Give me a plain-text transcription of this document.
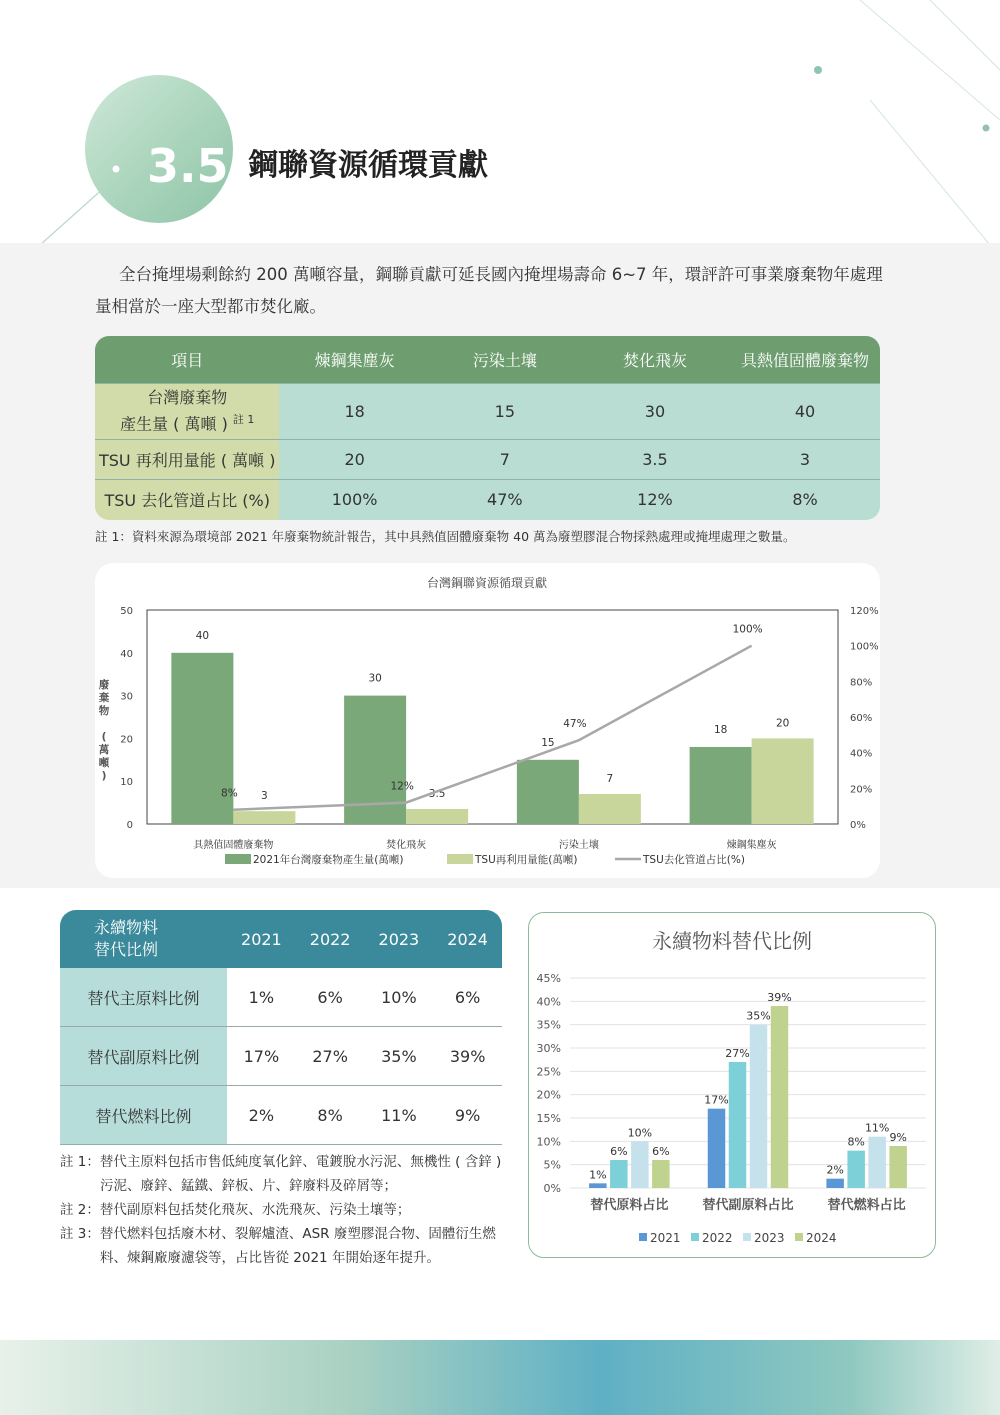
3.5 鋼聯資源循環貢獻
全台掩埋場剩餘約 200 萬噸容量，鋼聯貢獻可延長國內掩埋場壽命 6~7 年，環評許可事業廢棄物年處理量相當於一座大型都市焚化廠。
項目	煉鋼集塵灰	污染土壤	焚化飛灰	具熱值固體廢棄物
台灣廢棄物
產生量 ( 萬噸 ) $^{註 1}$	18	15	30	40
TSU 再利用量能 ( 萬噸 )	20	7	3.5	3
TSU 去化管道占比 (%)	100%	47%	12%	8%
註 1：資料來源為環境部 2021 年廢棄物統計報告，其中具熱值固體廢棄物 40 萬為廢塑膠混合物採熱處理或掩埋處理之數量。
台灣鋼聯資源循環貢獻
0
10
20
30
40
50
0%
20%
40%
60%
80%
100%
120%
廢
棄
物
(
萬
噸
)
40
3
具熱值固體廢棄物
30
3.5
焚化飛灰
15
7
污染土壤
18
20
煉鋼集塵灰
8%
12%
47%
100%
2021年台灣廢棄物產生量(萬噸)	TSU再利用量能(萬噸)	TSU去化管道占比(%)
永續物料
替代比例	2021	2022	2023	2024
替代主原料比例	1%	6%	10%	6%
替代副原料比例	17%	27%	35%	39%
替代燃料比例	2%	8%	11%	9%
註 1：替代主原料包括市售低純度氧化鋅、電鍍脫水污泥、無機性 ( 含鋅 ) 污泥、廢鋅、錳鐵、鋅板、片、鋅廢料及碎屑等；
註 2：替代副原料包括焚化飛灰、水洗飛灰、污染土壤等；
註 3：替代燃料包括廢木材、裂解爐渣、ASR 廢塑膠混合物、固體衍生燃料、煉鋼廠廢濾袋等，占比皆從 2021 年開始逐年提升。
永續物料替代比例
0%
5%
10%
15%
20%
25%
30%
35%
40%
45%
1%
6%
10%
6%
替代原料占比
17%
27%
35%
39%
替代副原料占比
2%
8%
11%
9%
替代燃料占比
2021 2022 2023 2024
